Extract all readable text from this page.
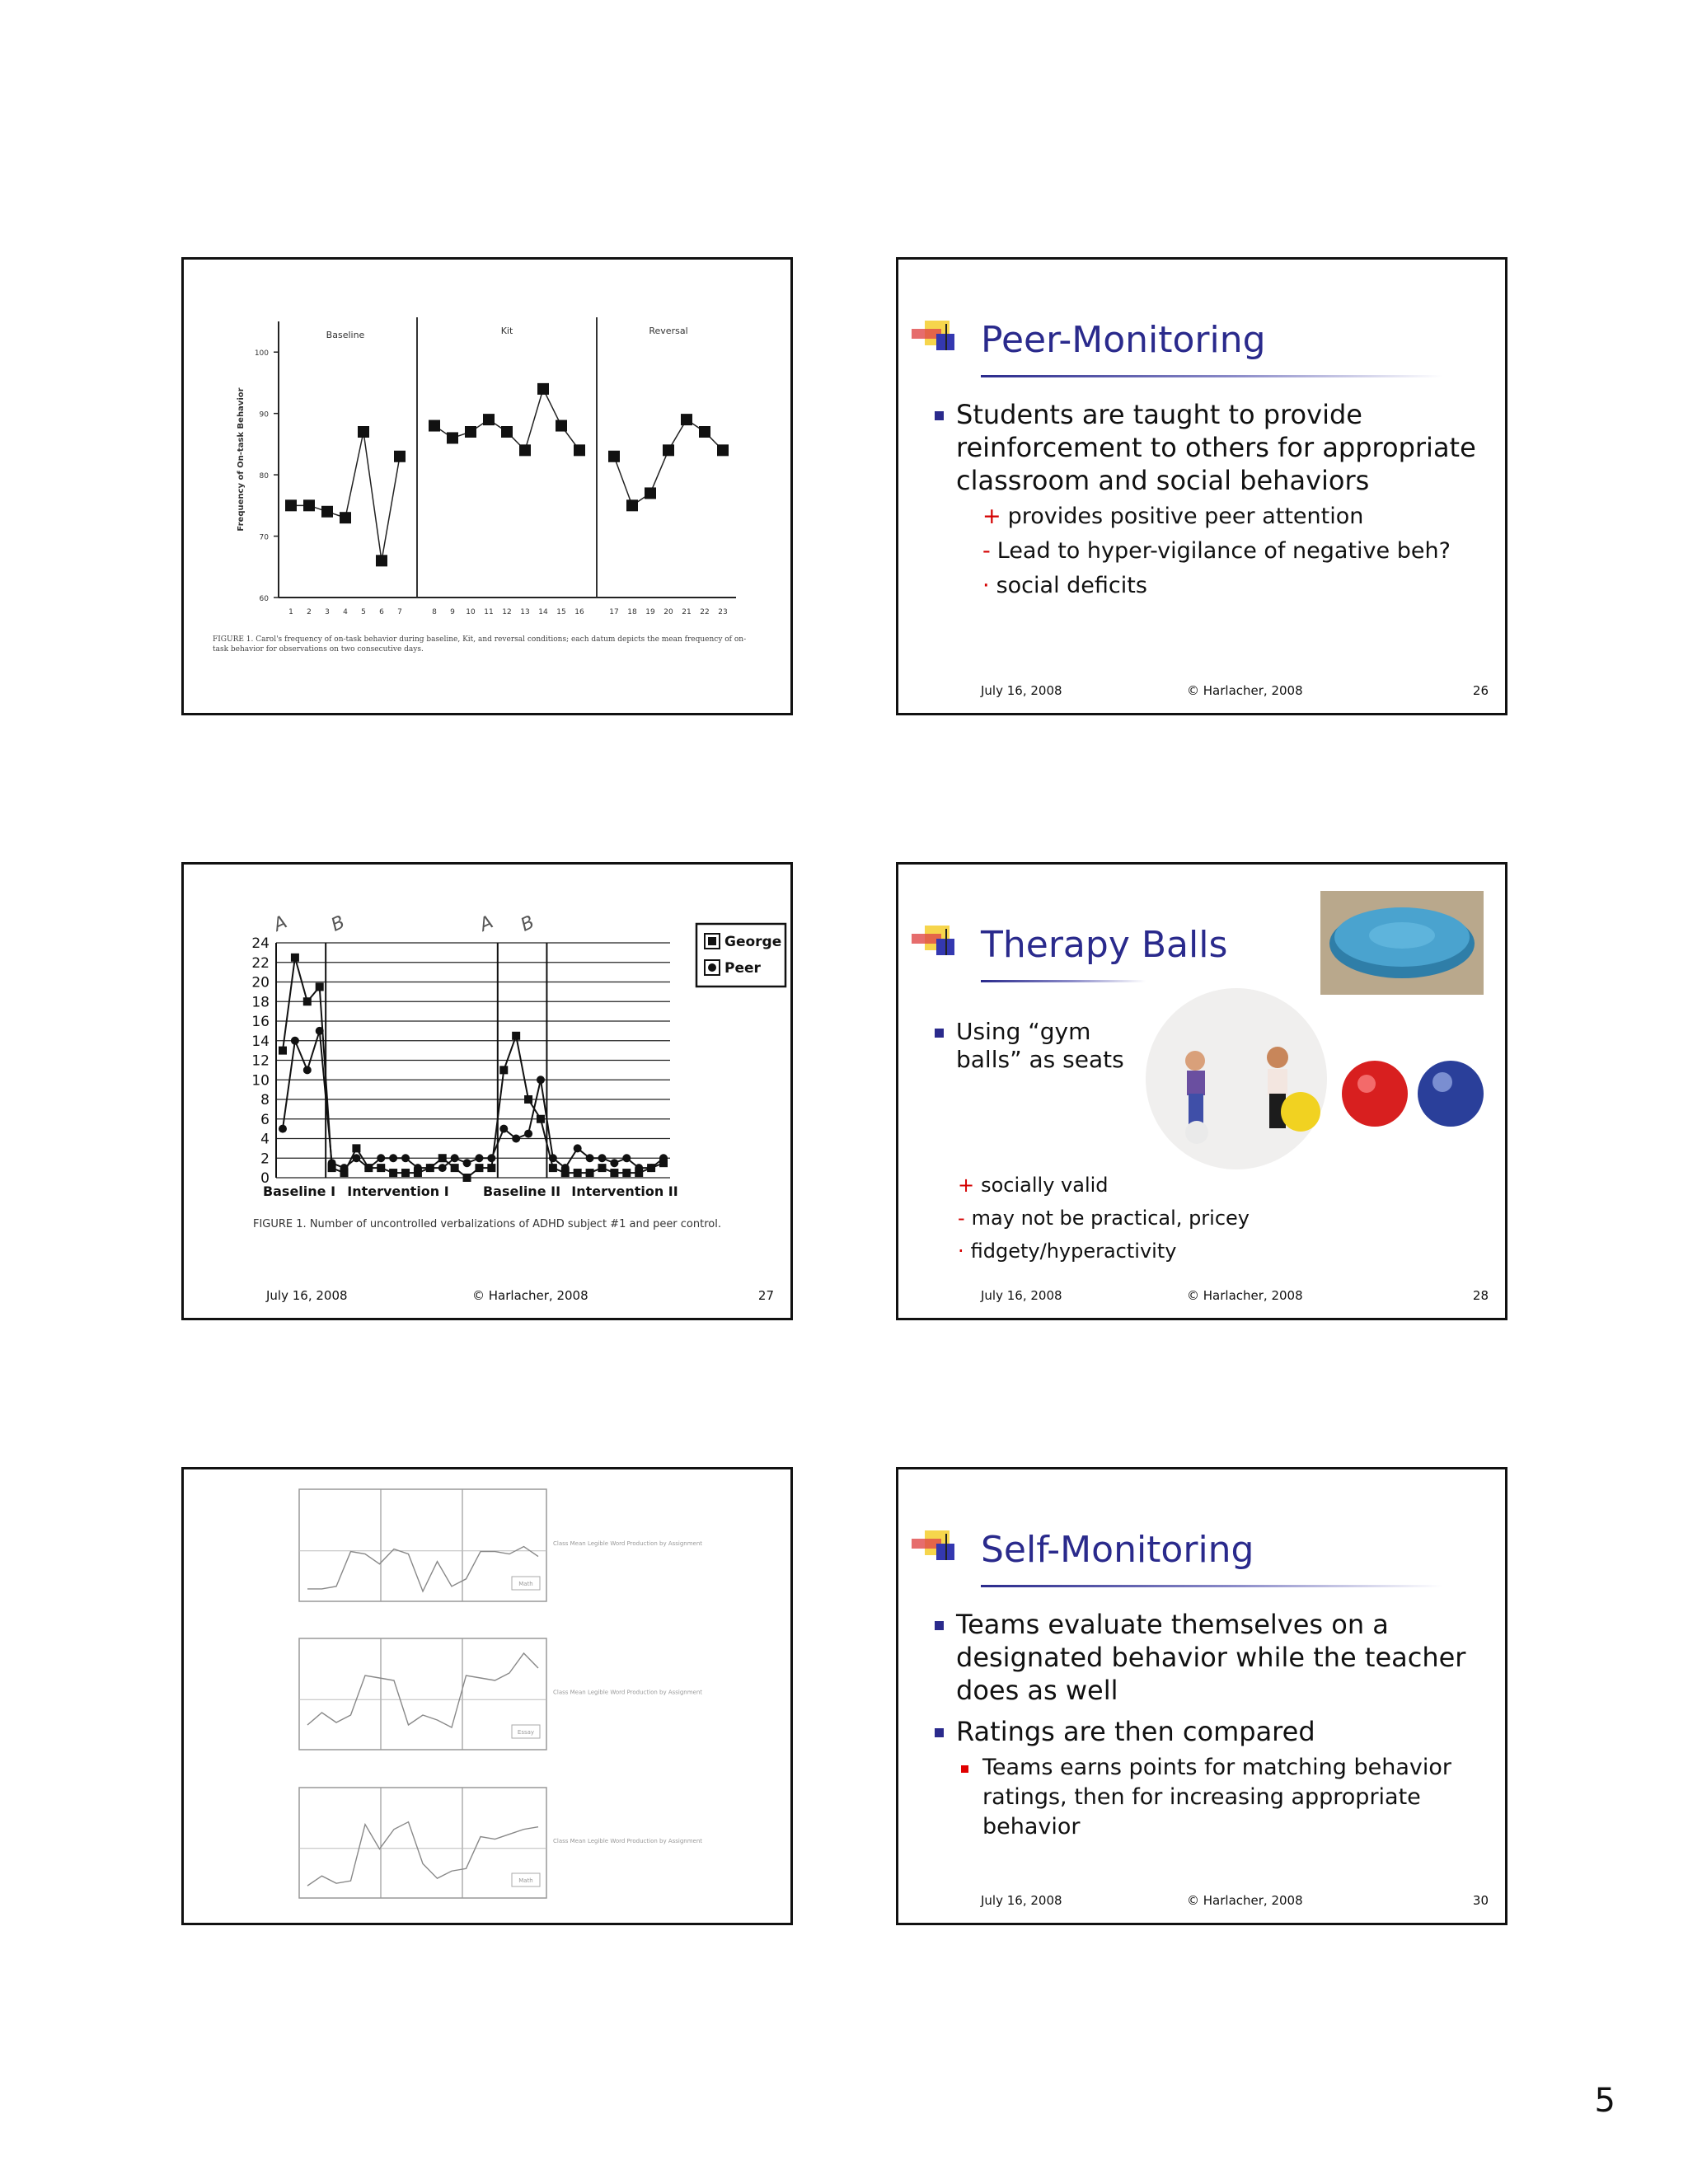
100
90
80
70
60
Frequency of On-task Behavior
1 2 3 4 5 6 7	8 9 10 11 12 13 14 15 16	17 18 19 20 21 22 23
Baseline	Kit	Reversal
FIGURE 1. Carol's frequency of on-task behavior during baseline, Kit, and reversal conditions; each datum depicts the mean frequency of on-task behavior for observations on two consecutive days.
Peer-Monitoring
Students are taught to provide reinforcement to others for appropriate classroom and social behaviors
+ provides positive peer attention
- Lead to hyper-vigilance of negative beh?
· social deficits
July 16, 2008	© Harlacher, 2008	26
24
22
20
18
16
14
12
10
8
6
4
2
0
Baseline I Intervention I	Baseline II Intervention II
A B	A B
George
Peer
FIGURE 1. Number of uncontrolled verbalizations of ADHD subject #1 and peer control.
July 16, 2008	© Harlacher, 2008	27
Therapy Balls
Using “gym balls” as seats
+ socially valid
- may not be practical, pricey
· fidgety/hyperactivity
July 16, 2008	© Harlacher, 2008	28
Class Mean Legible Word Production by Assignment
Math
Class Mean Legible Word Production by Assignment
Essay
Class Mean Legible Word Production by Assignment
Math
Self-Monitoring
Teams evaluate themselves on a designated behavior while the teacher does as well
Ratings are then compared
Teams earns points for matching behavior ratings, then for increasing appropriate behavior
July 16, 2008	© Harlacher, 2008	30
5
